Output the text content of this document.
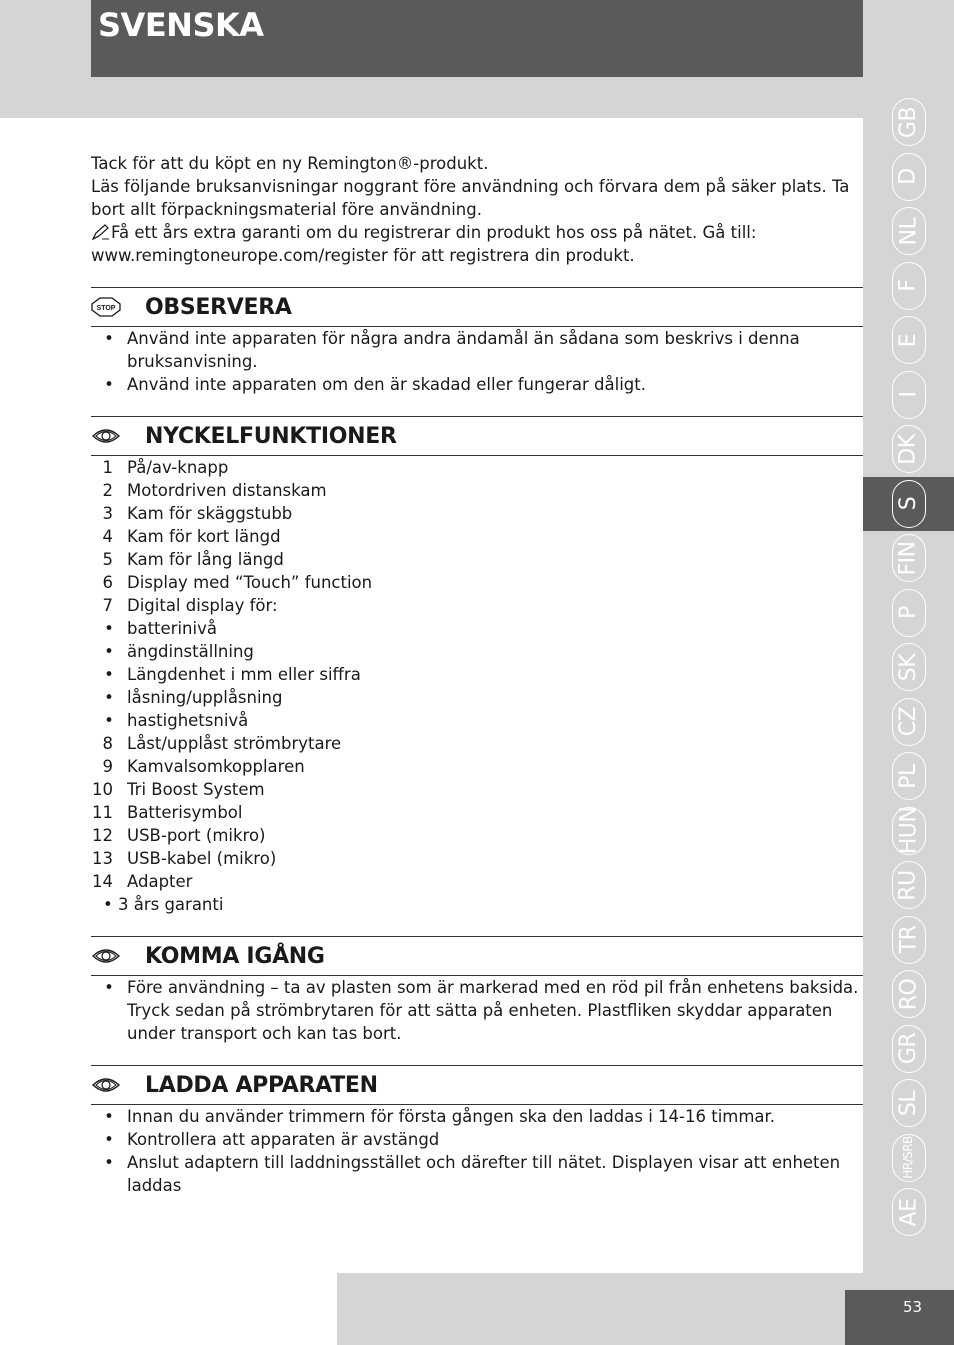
SVENSKA
53

Tack för att du köpt en ny Remington®-produkt.

Läs följande bruksanvisningar noggrant före användning och förvara dem på säker plats. Ta bort allt förpackningsmaterial före användning.

Få ett års extra garanti om du registrerar din produkt hos oss på nätet. Gå till: www.remingtoneurope.com/register för att registrera din produkt.

STOP OBSERVERA
• Använd inte apparaten för några andra ändamål än sådana som beskrivs i denna bruksanvisning.
• Använd inte apparaten om den är skadad eller fungerar dåligt.
NYCKELFUNKTIONER
1 På/av-knapp
2 Motordriven distanskam
3 Kam för skäggstubb
4 Kam för kort längd
5 Kam för lång längd
6 Display med “Touch” function
7 Digital display för:
• batterinivå
• ängdinställning
• Längdenhet i mm eller siffra
• låsning/upplåsning
• hastighetsnivå
8 Låst/upplåst strömbrytare
9 Kamvalsomkopplaren
10 Tri Boost System
11 Batterisymbol
12 USB-port (mikro)
13 USB-kabel (mikro)
14 Adapter
• 3 års garanti
KOMMA IGÅNG
• Före användning – ta av plasten som är markerad med en röd pil från enhetens baksida. Tryck sedan på strömbrytaren för att sätta på enheten. Plastfliken skyddar apparaten under transport och kan tas bort.
LADDA APPARATEN
• Innan du använder trimmern för första gången ska den laddas i 14-16 timmar.
• Kontrollera att apparaten är avstängd
• Anslut adaptern till laddningsstället och därefter till nätet. Displayen visar att enheten laddas
GB
D
NL
F
E
I
DK
S
FIN
P
SK
CZ
PL
HUN
RU
TR
RO
GR
SL
HR/SRB
AE
